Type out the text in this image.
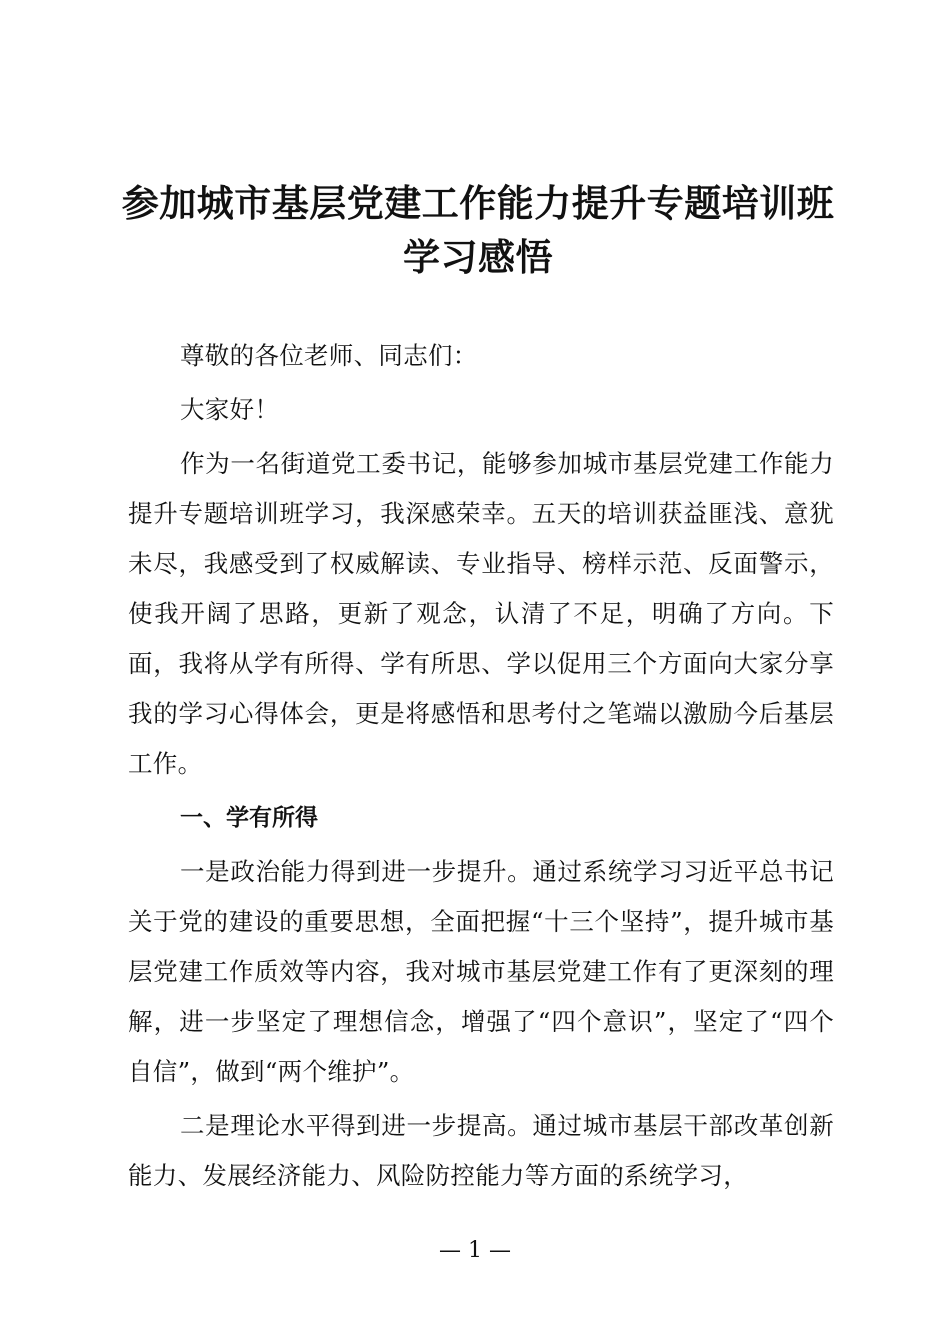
参加城市基层党建工作能力提升专题培训班学习感悟

尊敬的各位老师、同志们：

大家好！

作为一名街道党工委书记，能够参加城市基层党建工作能力提升专题培训班学习，我深感荣幸。五天的培训获益匪浅、意犹未尽，我感受到了权威解读、专业指导、榜样示范、反面警示，使我开阔了思路，更新了观念，认清了不足，明确了方向。下面，我将从学有所得、学有所思、学以促用三个方面向大家分享我的学习心得体会，更是将感悟和思考付之笔端以激励今后基层工作。

一、学有所得

一是政治能力得到进一步提升。通过系统学习习近平总书记关于党的建设的重要思想，全面把握“十三个坚持”，提升城市基层党建工作质效等内容，我对城市基层党建工作有了更深刻的理解，进一步坚定了理想信念，增强了“四个意识”，坚定了“四个自信”，做到“两个维护”。

二是理论水平得到进一步提高。通过城市基层干部改革创新能力、发展经济能力、风险防控能力等方面的系统学习，

— 1 —
